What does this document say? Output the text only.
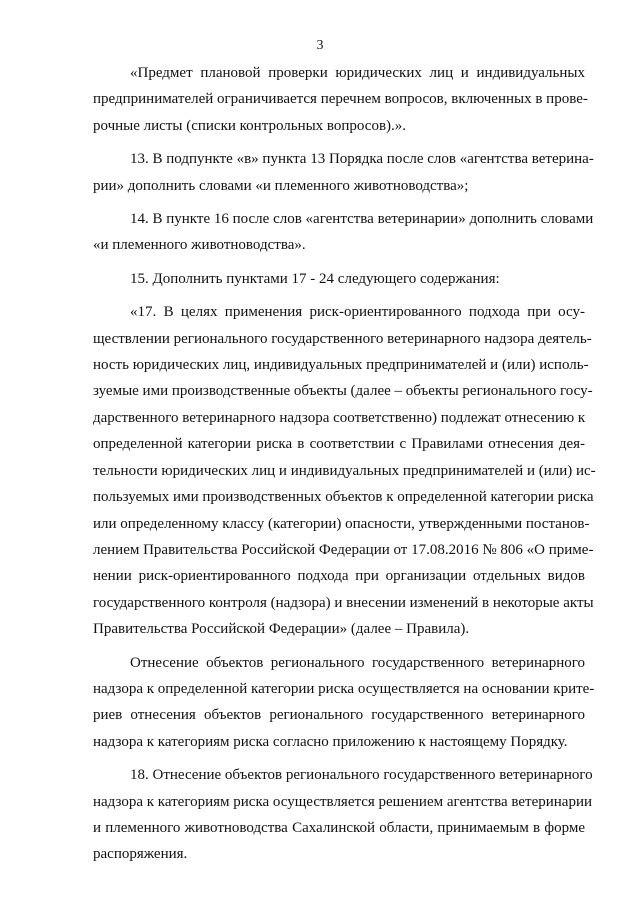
3
«Предмет плановой проверки юридических лиц и индивидуальных
предпринимателей ограничивается перечнем вопросов, включенных в прове-
рочные листы (списки контрольных вопросов).».
13. В подпункте «в» пункта 13 Порядка после слов «агентства ветерина-
рии» дополнить словами «и племенного животноводства»;
14. В пункте 16 после слов «агентства ветеринарии» дополнить словами
«и племенного животноводства».
15. Дополнить пунктами 17 - 24 следующего содержания:
«17. В целях применения риск-ориентированного подхода при осу-
ществлении регионального государственного ветеринарного надзора деятель-
ность юридических лиц, индивидуальных предпринимателей и (или) исполь-
зуемые ими производственные объекты (далее – объекты регионального госу-
дарственного ветеринарного надзора соответственно) подлежат отнесению к
определенной категории риска в соответствии с Правилами отнесения дея-
тельности юридических лиц и индивидуальных предпринимателей и (или) ис-
пользуемых ими производственных объектов к определенной категории риска
или определенному классу (категории) опасности, утвержденными постанов-
лением Правительства Российской Федерации от 17.08.2016 № 806 «О приме-
нении риск-ориентированного подхода при организации отдельных видов
государственного контроля (надзора) и внесении изменений в некоторые акты
Правительства Российской Федерации» (далее – Правила).
Отнесение объектов регионального государственного ветеринарного
надзора к определенной категории риска осуществляется на основании крите-
риев отнесения объектов регионального государственного ветеринарного
надзора к категориям риска согласно приложению к настоящему Порядку.
18. Отнесение объектов регионального государственного ветеринарного
надзора к категориям риска осуществляется решением агентства ветеринарии
и племенного животноводства Сахалинской области, принимаемым в форме
распоряжения.
